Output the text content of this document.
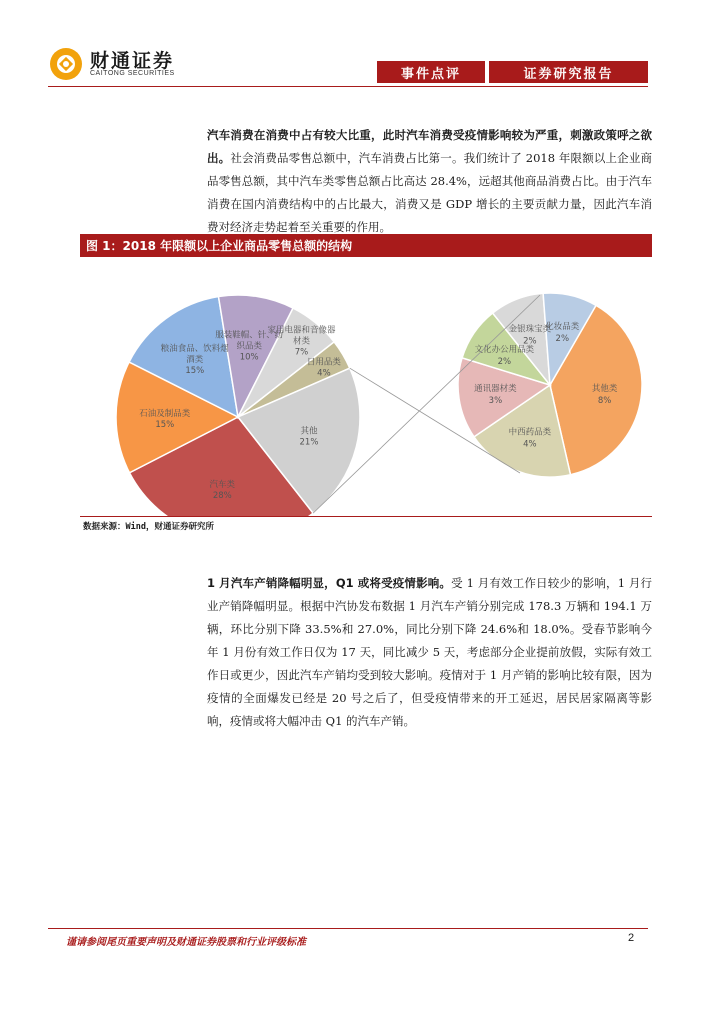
财通证券
CAITONG SECURITIES	事件点评	证券研究报告
汽车消费在消费中占有较大比重，此时汽车消费受疫情影响较为严重，刺激政策呼之欲出。社会消费品零售总额中，汽车消费占比第一。我们统计了 2018 年限额以上企业商品零售总额，其中汽车类零售总额占比高达 28.4%，远超其他商品消费占比。由于汽车消费在国内消费结构中的占比最大，消费又是 GDP 增长的主要贡献力量，因此汽车消费对经济走势起着至关重要的作用。
图 1：2018 年限额以上企业商品零售总额的结构
汽车类
28%
石油及制品类
15%
粮油食品、饮料烟
酒类
15%
服装鞋帽、针、纺
织品类
10%
家用电器和音像器
材类
7%
日用品类
4%
其他
21%
其他类
8%
中西药品类
4%
通讯器材类
3%
文化办公用品类
2%
金银珠宝类
2%
化妆品类
2%
数据来源：Wind，财通证券研究所
1 月汽车产销降幅明显，Q1 或将受疫情影响。受 1 月有效工作日较少的影响，1 月行业产销降幅明显。根据中汽协发布数据 1 月汽车产销分别完成 178.3 万辆和 194.1 万辆，环比分别下降 33.5%和 27.0%，同比分别下降 24.6%和 18.0%。受春节影响今年 1 月份有效工作日仅为 17 天，同比减少 5 天，考虑部分企业提前放假，实际有效工作日或更少，因此汽车产销均受到较大影响。疫情对于 1 月产销的影响比较有限，因为疫情的全面爆发已经是 20 号之后了，但受疫情带来的开工延迟，居民居家隔离等影响，疫情或将大幅冲击 Q1 的汽车产销。
谨请参阅尾页重要声明及财通证券股票和行业评级标准	2
